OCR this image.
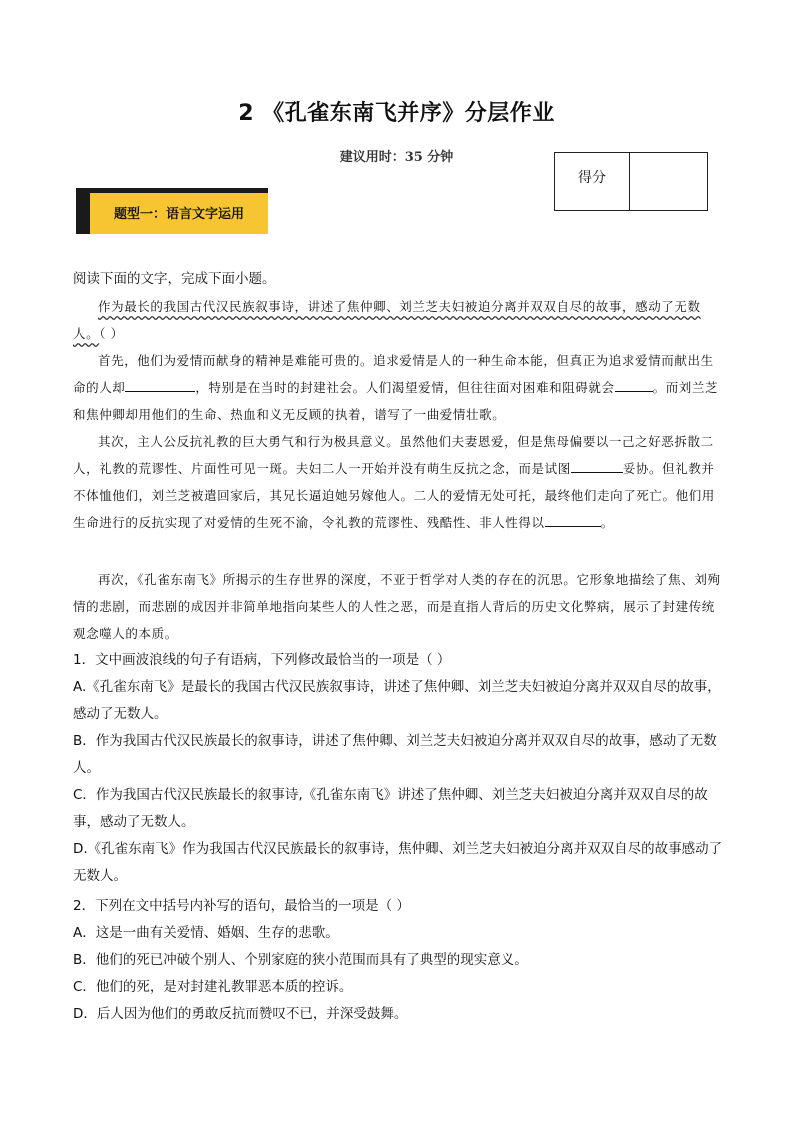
2 《孔雀东南飞并序》分层作业
建议用时：35 分钟
得分
题型一：语言文字运用
阅读下面的文字，完成下面小题。
作为最长的我国古代汉民族叙事诗，讲述了焦仲卿、刘兰芝夫妇被迫分离并双双自尽的故事，感动了无数人。（ ）
首先，他们为爱情而献身的精神是难能可贵的。追求爱情是人的一种生命本能，但真正为追求爱情而献出生命的人却	，特别是在当时的封建社会。人们渴望爱情，但往往面对困难和阻碍就会	。而刘兰芝和焦仲卿却用他们的生命、热血和义无反顾的执着，谱写了一曲爱情壮歌。
其次，主人公反抗礼教的巨大勇气和行为极具意义。虽然他们夫妻恩爱，但是焦母偏要以一己之好恶拆散二人，礼教的荒谬性、片面性可见一斑。夫妇二人一开始并没有萌生反抗之念，而是试图	妥协。但礼教并不体恤他们，刘兰芝被遣回家后，其兄长逼迫她另嫁他人。二人的爱情无处可托，最终他们走向了死亡。他们用生命进行的反抗实现了对爱情的生死不渝，令礼教的荒谬性、残酷性、非人性得以	。
再次，《孔雀东南飞》所揭示的生存世界的深度，不亚于哲学对人类的存在的沉思。它形象地描绘了焦、刘殉情的悲剧，而悲剧的成因并非简单地指向某些人的人性之恶，而是直指人背后的历史文化弊病，展示了封建传统观念噬人的本质。
1．文中画波浪线的句子有语病，下列修改最恰当的一项是（ ）
A.《孔雀东南飞》是最长的我国古代汉民族叙事诗，讲述了焦仲卿、刘兰芝夫妇被迫分离并双双自尽的故事，感动了无数人。
B．作为我国古代汉民族最长的叙事诗，讲述了焦仲卿、刘兰芝夫妇被迫分离并双双自尽的故事，感动了无数人。
C．作为我国古代汉民族最长的叙事诗,《孔雀东南飞》讲述了焦仲卿、刘兰芝夫妇被迫分离并双双自尽的故事，感动了无数人。
D.《孔雀东南飞》作为我国古代汉民族最长的叙事诗，焦仲卿、刘兰芝夫妇被迫分离并双双自尽的故事感动了无数人。
2．下列在文中括号内补写的语句，最恰当的一项是（ ）
A．这是一曲有关爱情、婚姻、生存的悲歌。
B．他们的死已冲破个别人、个别家庭的狭小范围而具有了典型的现实意义。
C．他们的死，是对封建礼教罪恶本质的控诉。
D．后人因为他们的勇敢反抗而赞叹不已，并深受鼓舞。
